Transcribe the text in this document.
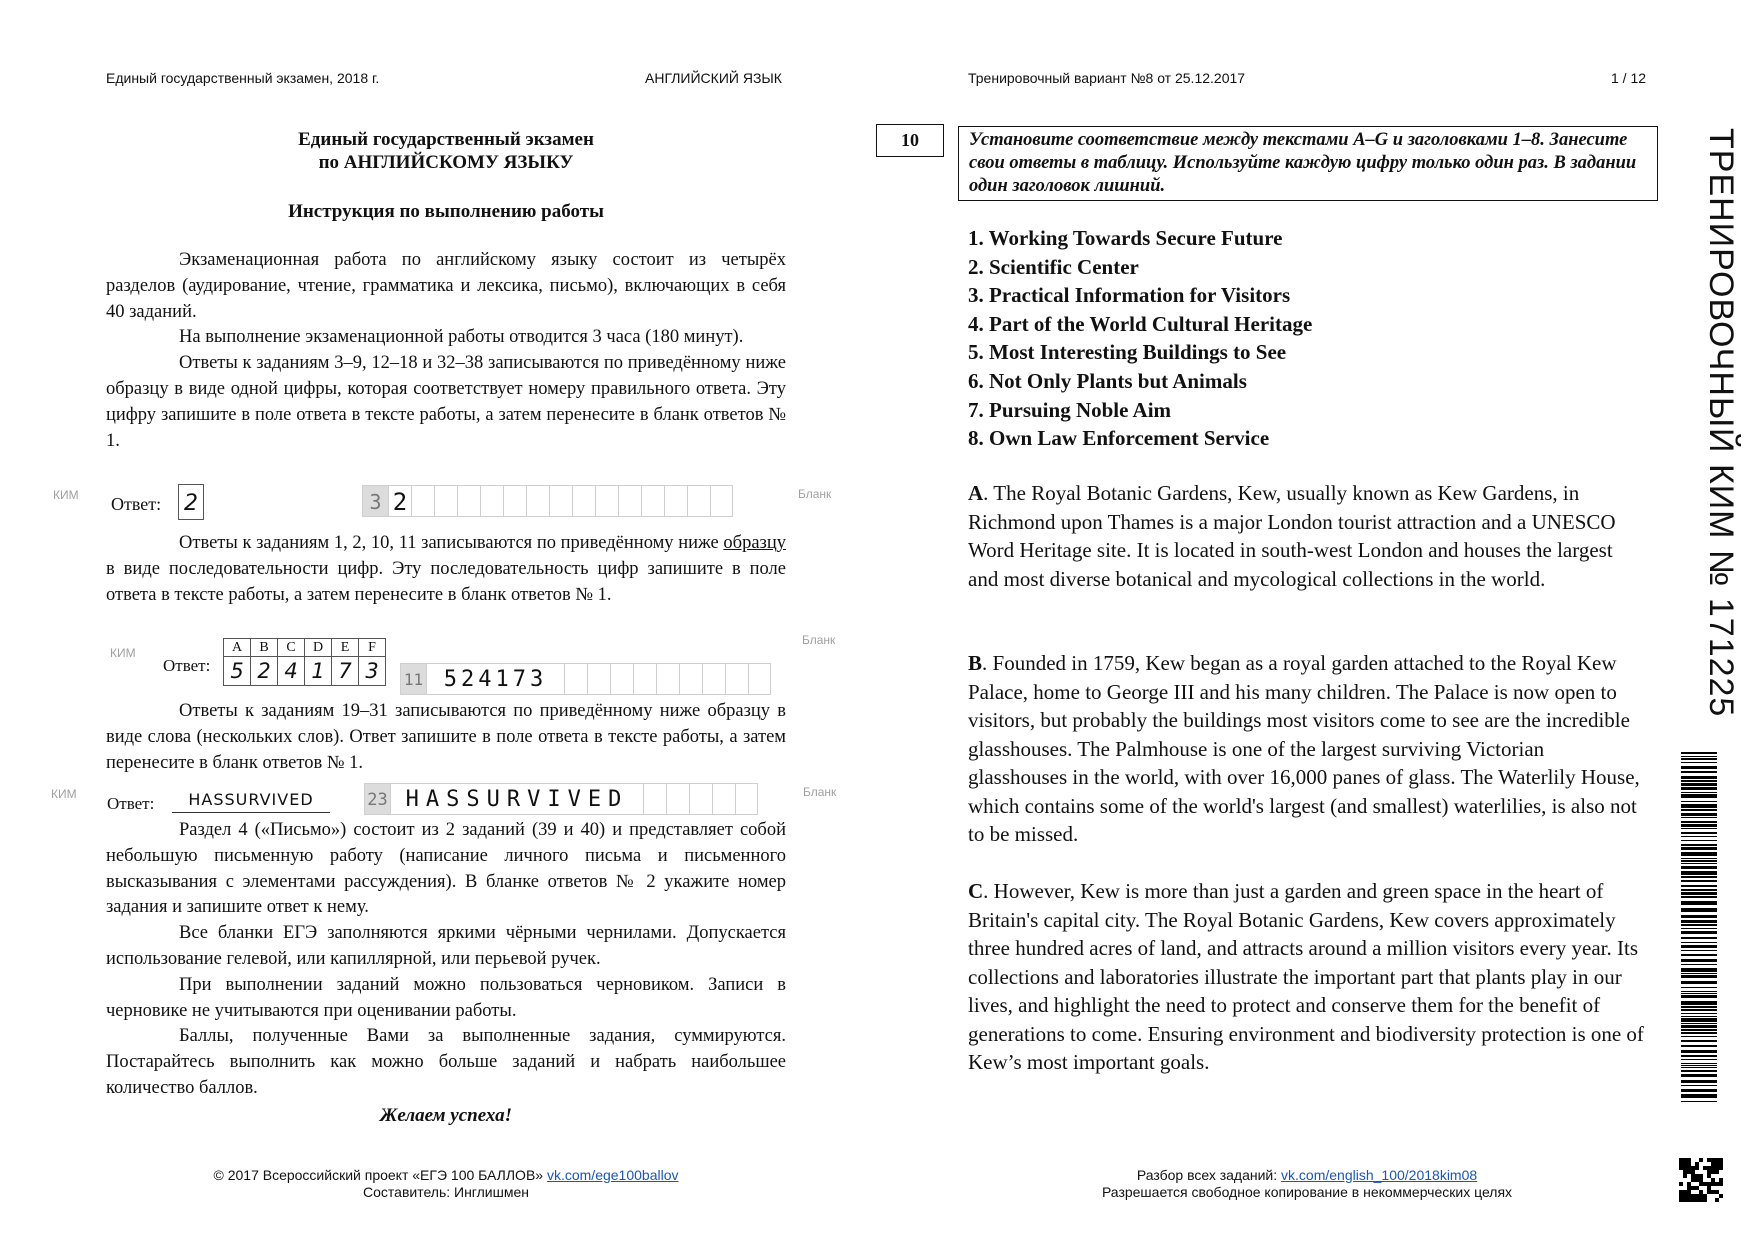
Единый государственный экзамен, 2018 г.	АНГЛИЙСКИЙ ЯЗЫК	Тренировочный вариант №8 от 25.12.2017	1 / 12
Единый государственный экзамен
по АНГЛИЙСКОМУ ЯЗЫКУ
Инструкция по выполнению работы

Экзаменационная работа по английскому языку состоит из четырёх разделов (аудирование, чтение, грамматика и лексика, письмо), включающих в себя 40 заданий.

На выполнение экзаменационной работы отводится 3 часа (180 минут).

Ответы к заданиям 3–9, 12–18 и 32–38 записываются по приведённому ниже образцу в виде одной цифры, которая соответствует номеру правильного ответа. Эту цифру запишите в поле ответа в тексте работы, а затем перенесите в бланк ответов № 1.

КИМ Ответ: 2	3 2	Бланк

Ответы к заданиям 1, 2, 10, 11 записываются по приведённому ниже образцу в виде последовательности цифр. Эту последовательность цифр запишите в поле ответа в тексте работы, а затем перенесите в бланк ответов № 1.

КИМ
Ответ:
A	B	C	D	E	F
5	2	4	1	7	3 11 524173
Бланк

Ответы к заданиям 19–31 записываются по приведённому ниже образцу в виде слова (нескольких слов). Ответ запишите в поле ответа в тексте работы, а затем перенесите в бланк ответов № 1.

КИМ Ответ:	HASSURVIVED	23 HASSURVIVED	Бланк

Раздел 4 («Письмо») состоит из 2 заданий (39 и 40) и представляет собой небольшую письменную работу (написание личного письма и письменного высказывания с элементами рассуждения). В бланке ответов № 2 укажите номер задания и запишите ответ к нему.

Все бланки ЕГЭ заполняются яркими чёрными чернилами. Допускается использование гелевой, или капиллярной, или перьевой ручек.

При выполнении заданий можно пользоваться черновиком. Записи в черновике не учитываются при оценивании работы.

Баллы, полученные Вами за выполненные задания, суммируются. Постарайтесь выполнить как можно больше заданий и набрать наибольшее количество баллов.

Желаем успеха!
© 2017 Всероссийский проект «ЕГЭ 100 БАЛЛОВ» vk.com/ege100ballov
Составитель: Инглишмен
10	Установите соответствие между текстами A–G и заголовками 1–8. Занесите свои ответы в таблицу. Используйте каждую цифру только один раз. В задании один заголовок лишний.
1. Working Towards Secure Future
2. Scientific Center
3. Practical Information for Visitors
4. Part of the World Cultural Heritage
5. Most Interesting Buildings to See
6. Not Only Plants but Animals
7. Pursuing Noble Aim
8. Own Law Enforcement Service

A. The Royal Botanic Gardens, Kew, usually known as Kew Gardens, in Richmond upon Thames is a major London tourist attraction and a UNESCO Word Heritage site. It is located in south-west London and houses the largest and most diverse botanical and mycological collections in the world.

B. Founded in 1759, Kew began as a royal garden attached to the Royal Kew Palace, home to George III and his many children. The Palace is now open to visitors, but probably the buildings most visitors come to see are the incredible glasshouses. The Palmhouse is one of the largest surviving Victorian glasshouses in the world, with over 16,000 panes of glass. The Waterlily House, which contains some of the world's largest (and smallest) waterlilies, is also not to be missed.

C. However, Kew is more than just a garden and green space in the heart of Britain's capital city. The Royal Botanic Gardens, Kew covers approximately three hundred acres of land, and attracts around a million visitors every year. Its collections and laboratories illustrate the important part that plants play in our lives, and highlight the need to protect and conserve them for the benefit of generations to come. Ensuring environment and biodiversity protection is one of Kew’s most important goals.

Разбор всех заданий: vk.com/english_100/2018kim08
Разрешается свободное копирование в некоммерческих целях
ТРЕНИРОВОЧНЫЙ КИМ № 171225
